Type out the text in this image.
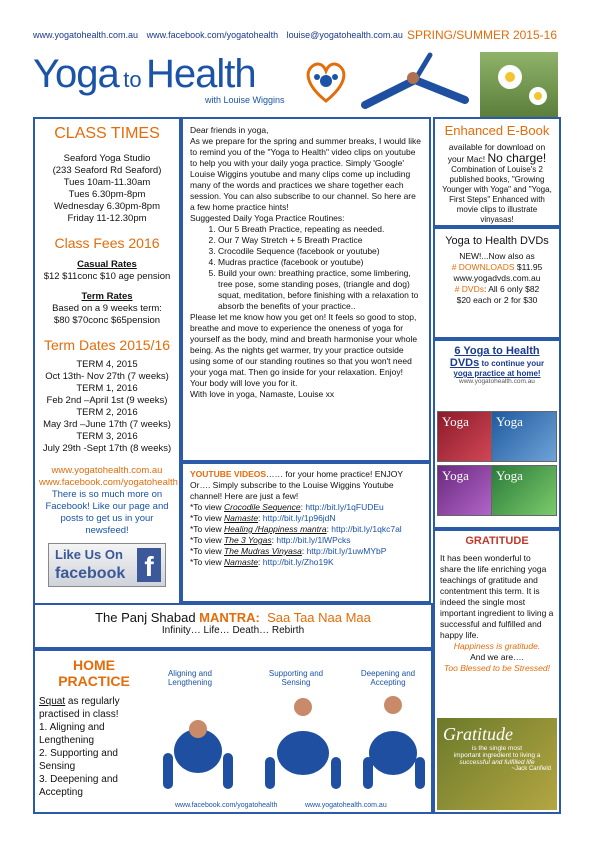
www.yogatohealth.com.au www.facebook.com/yogatohealth louise@yogatohealth.com.au SPRING/SUMMER 2015-16
Yoga to Health
with Louise Wiggins
CLASS TIMES
Seaford Yoga Studio
(233 Seaford Rd Seaford)
Tues 10am-11.30am
Tues 6.30pm-8pm
Wednesday 6.30pm-8pm
Friday 11-12.30pm
Class Fees 2016
Casual Rates
$12 $11conc $10 age pension
Term Rates
Based on a 9 weeks term:
$80 $70conc $65pension
Term Dates 2015/16
TERM 4, 2015
Oct 13th- Nov 27th (7 weeks)
TERM 1, 2016
Feb 2nd –April 1st (9 weeks)
TERM 2, 2016
May 3rd –June 17th (7 weeks)
TERM 3, 2016
July 29th -Sept 17th (8 weeks)
www.yogatohealth.com.au
www.facebook.com/yogatohealth
There is so much more on Facebook! Like our page and posts to get us in your newsfeed!
Like Us On
facebook f
Dear friends in yoga,
As we prepare for the spring and summer breaks, I would like to remind you of the "Yoga to Health" video clips on youtube to help you with your daily yoga practice. Simply 'Google' Louise Wiggins youtube and many clips come up including many of the words and practices we share together each session. You can also subscribe to our channel. So here are a few home practice hints!
Suggested Daily Yoga Practice Routines:
1. Our 5 Breath Practice, repeating as needed.
2. Our 7 Way Stretch + 5 Breath Practice
3. Crocodile Sequence (facebook or youtube)
4. Mudras practice (facebook or youtube)
5. Build your own: breathing practice, some limbering, tree pose, some standing poses, (triangle and dog) squat, meditation, before finishing with a relaxation to absorb the benefits of your practice..
Please let me know how you get on! It feels so good to stop, breathe and move to experience the oneness of yoga for yourself as the body, mind and breath harmonise your whole being. As the nights get warmer, try your practice outside using some of our standing routines so that you won't need your yoga mat. Then go inside for your relaxation. Enjoy! Your body will love you for it.
With love in yoga, Namaste, Louise xx
YOUTUBE VIDEOS…… for your home practice! ENJOY
Or…. Simply subscribe to the Louise Wiggins Youtube channel! Here are just a few!
*To view Crocodile Sequence: http://bit.ly/1qFUDEu
*To view Namaste: http://bit.ly/1p96jdN
*To view Healing /Happiness mantra: http://bit.ly/1qkc7al
*To view The 3 Yogas: http://bit.ly/1lWPcks
*To view The Mudras Vinyasa: http://bit.ly/1uwMYbP
*To view Namaste: http://bit.ly/Zho19K
Enhanced E-Book
available for download on your Mac! No charge!
Combination of Louise's 2 published books, "Growing Younger with Yoga" and "Yoga, First Steps" Enhanced with movie clips to illustrate vinyasas!
Yoga to Health DVDs
NEW!...Now also as
# DOWNLOADS $11.95
www.yogadvds.com.au
# DVDs: All 6 only $82
$20 each or 2 for $30
6 Yoga to Health
DVDs to continue your
yoga practice at home!
www.yogatohealth.com.au
Yoga	Yoga
Yoga	Yoga
GRATITUDE
It has been wonderful to share the life enriching yoga teachings of gratitude and contentment this term. It is indeed the single most important ingredient to living a successful and fulfilled and happy life.
Happiness is gratitude.
And we are….
Too Blessed to be Stressed!
Gratitude
is the single most
important ingredient to living a
successful and fulfilled life
~Jack Canfield
The Panj Shabad MANTRA: Saa Taa Naa Maa
Infinity… Life… Death… Rebirth
HOME
PRACTICE
Squat as regularly practised in class!
1. Aligning and Lengthening
2. Supporting and Sensing
3. Deepening and Accepting
Aligning and Lengthening
Supporting and Sensing
Deepening and Accepting
www.facebook.com/yogatohealth	www.yogatohealth.com.au
